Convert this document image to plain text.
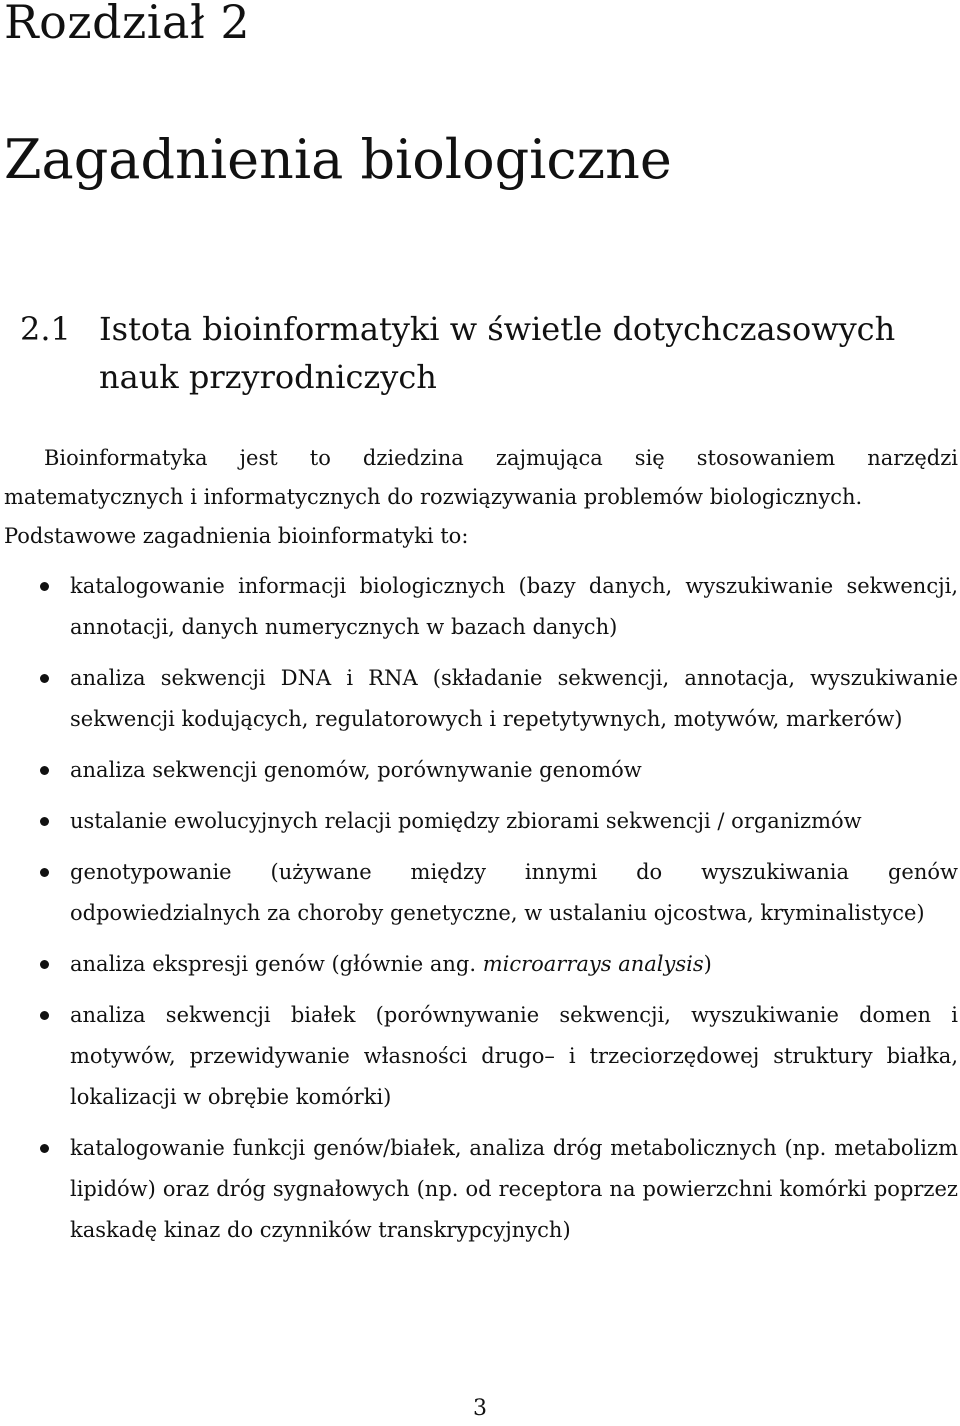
Rozdział 2
Zagadnienia biologiczne
2.1 Istota bioinformatyki w świetle dotychczasowych
nauk przyrodniczych

Bioinformatyka jest to dziedzina zajmująca się stosowaniem narzędzi
matematycznych i informatycznych do rozwiązywania problemów biologicznych.
Podstawowe zagadnienia bioinformatyki to:

katalogowanie informacji biologicznych (bazy danych, wyszukiwanie sekwencji, annotacji, danych numerycznych w bazach danych)
analiza sekwencji DNA i RNA (składanie sekwencji, annotacja, wyszukiwanie sekwencji kodujących, regulatorowych i repetytywnych, motywów, markerów)
analiza sekwencji genomów, porównywanie genomów
ustalanie ewolucyjnych relacji pomiędzy zbiorami sekwencji / organizmów
genotypowanie (używane między innymi do wyszukiwania genów odpowiedzialnych za choroby genetyczne, w ustalaniu ojcostwa, kryminalistyce)
analiza ekspresji genów (głównie ang. microarrays analysis)
analiza sekwencji białek (porównywanie sekwencji, wyszukiwanie domen i motywów, przewidywanie własności drugo– i trzeciorzędowej struktury białka, lokalizacji w obrębie komórki)
katalogowanie funkcji genów/białek, analiza dróg metabolicznych (np. metabolizm lipidów) oraz dróg sygnałowych (np. od receptora na powierzchni komórki poprzez kaskadę kinaz do czynników transkrypcyjnych)

3
